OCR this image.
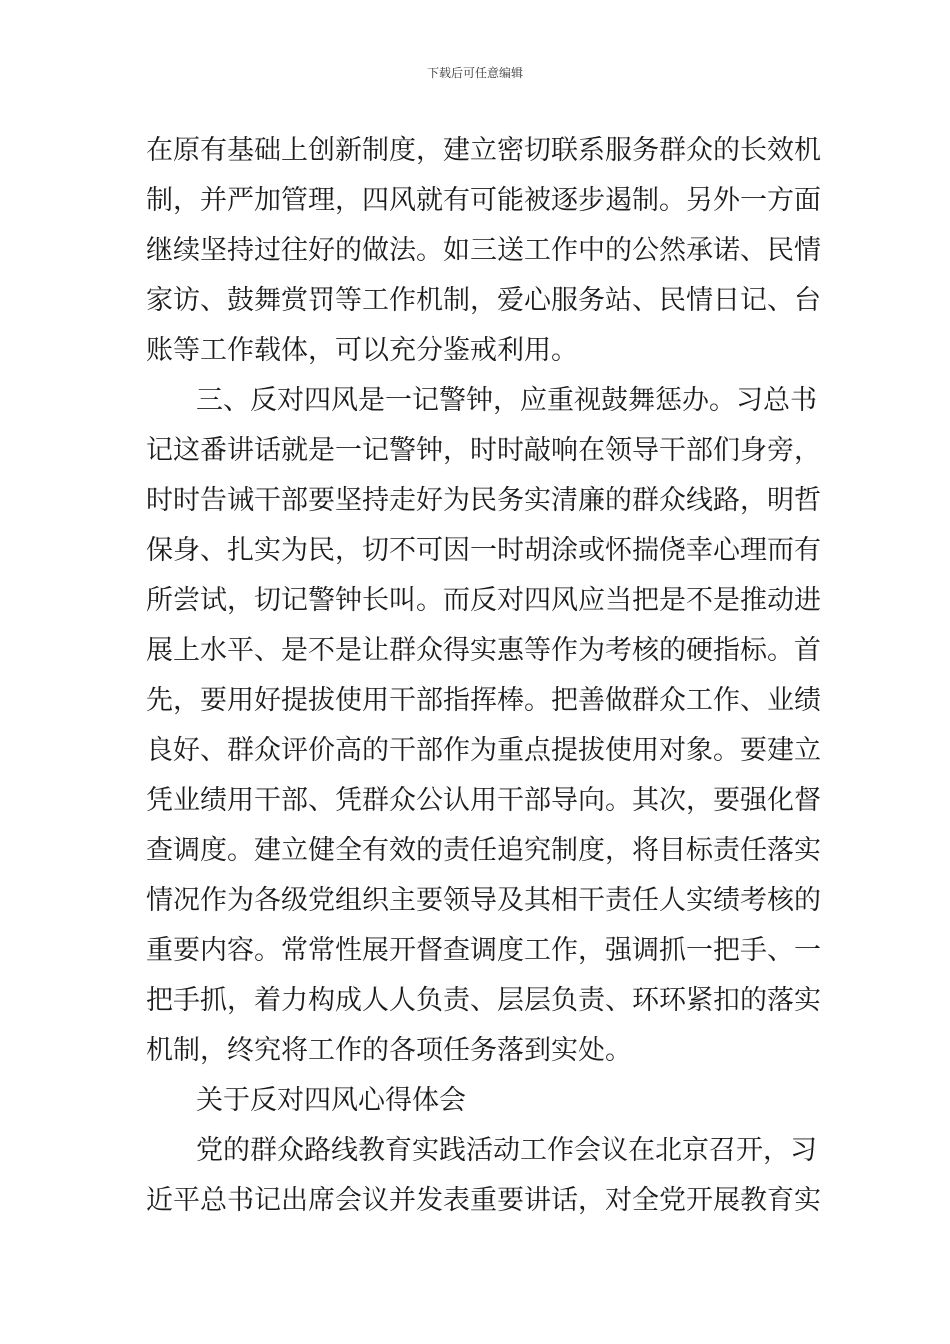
下载后可任意编辑
在原有基础上创新制度，建立密切联系服务群众的长效机
制，并严加管理，四风就有可能被逐步遏制。另外一方面
继续坚持过往好的做法。如三送工作中的公然承诺、民情
家访、鼓舞赏罚等工作机制，爱心服务站、民情日记、台
账等工作载体，可以充分鉴戒利用。
三、反对四风是一记警钟，应重视鼓舞惩办。习总书
记这番讲话就是一记警钟，时时敲响在领导干部们身旁，
时时告诫干部要坚持走好为民务实清廉的群众线路，明哲
保身、扎实为民，切不可因一时胡涂或怀揣侥幸心理而有
所尝试，切记警钟长叫。而反对四风应当把是不是推动进
展上水平、是不是让群众得实惠等作为考核的硬指标。首
先，要用好提拔使用干部指挥棒。把善做群众工作、业绩
良好、群众评价高的干部作为重点提拔使用对象。要建立
凭业绩用干部、凭群众公认用干部导向。其次，要强化督
查调度。建立健全有效的责任追究制度，将目标责任落实
情况作为各级党组织主要领导及其相干责任人实绩考核的
重要内容。常常性展开督查调度工作，强调抓一把手、一
把手抓，着力构成人人负责、层层负责、环环紧扣的落实
机制，终究将工作的各项任务落到实处。
关于反对四风心得体会
党的群众路线教育实践活动工作会议在北京召开，习
近平总书记出席会议并发表重要讲话，对全党开展教育实
